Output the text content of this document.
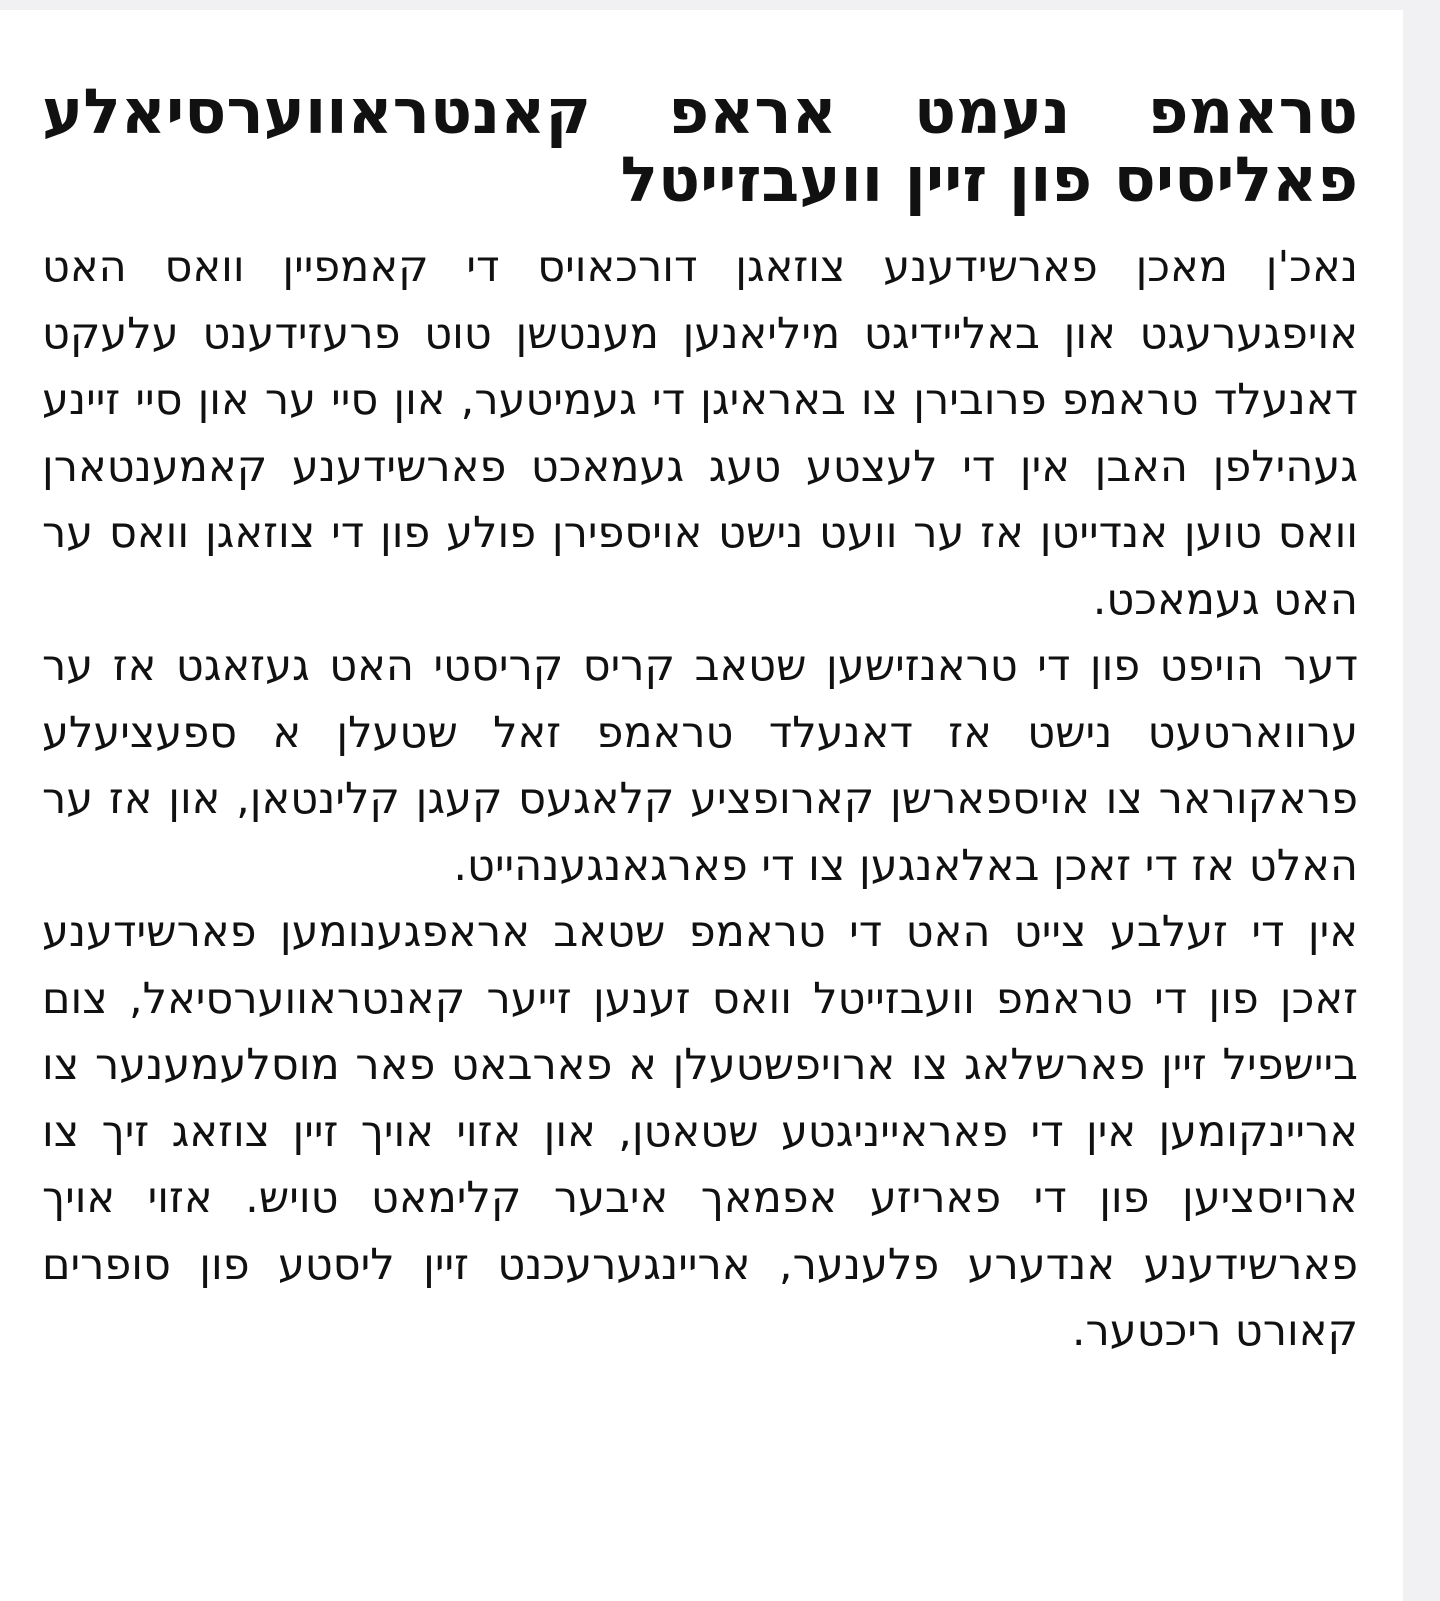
טראמפ נעמט אראפ קאנטראווערסיאלע פאליסיס פון זיין וועבזייטל

נאכ'ן מאכן פארשידענע צוזאגן דורכאויס די קאמפיין וואס האט אויפגערעגט און באליידיגט מיליאנען מענטשן טוט פרעזידענט עלעקט דאנעלד טראמפ פרובירן צו באראיגן די געמיטער, און סיי ער און סיי זיינע געהילפן האבן אין די לעצטע טעג געמאכט פארשידענע קאמענטארן וואס טוען אנדייטן אז ער וועט נישט אויספירן פולע פון די צוזאגן וואס ער האט געמאכט.

דער הויפט פון די טראנזישען שטאב קריס קריסטי האט געזאגט אז ער ערווארטעט נישט אז דאנעלד טראמפ זאל שטעלן א ספעציעלע פראקוראר צו אויספארשן קארופציע קלאגעס קעגן קלינטאן, און אז ער האלט אז די זאכן באלאנגען צו די פארגאנגענהייט.

אין די זעלבע צייט האט די טראמפ שטאב אראפגענומען פארשידענע זאכן פון די טראמפ וועבזייטל וואס זענען זייער קאנטראווערסיאל, צום ביישפיל זיין פארשלאג צו ארויפשטעלן א פארבאט פאר מוסלעמענער צו אריינקומען אין די פאראייניגטע שטאטן, און אזוי אויך זיין צוזאג זיך צו ארויסציען פון די פאריזע אפמאך איבער קלימאט טויש. אזוי אויך פארשידענע אנדערע פלענער, אריינגערעכנט זיין ליסטע פון סופרים קאורט ריכטער.
